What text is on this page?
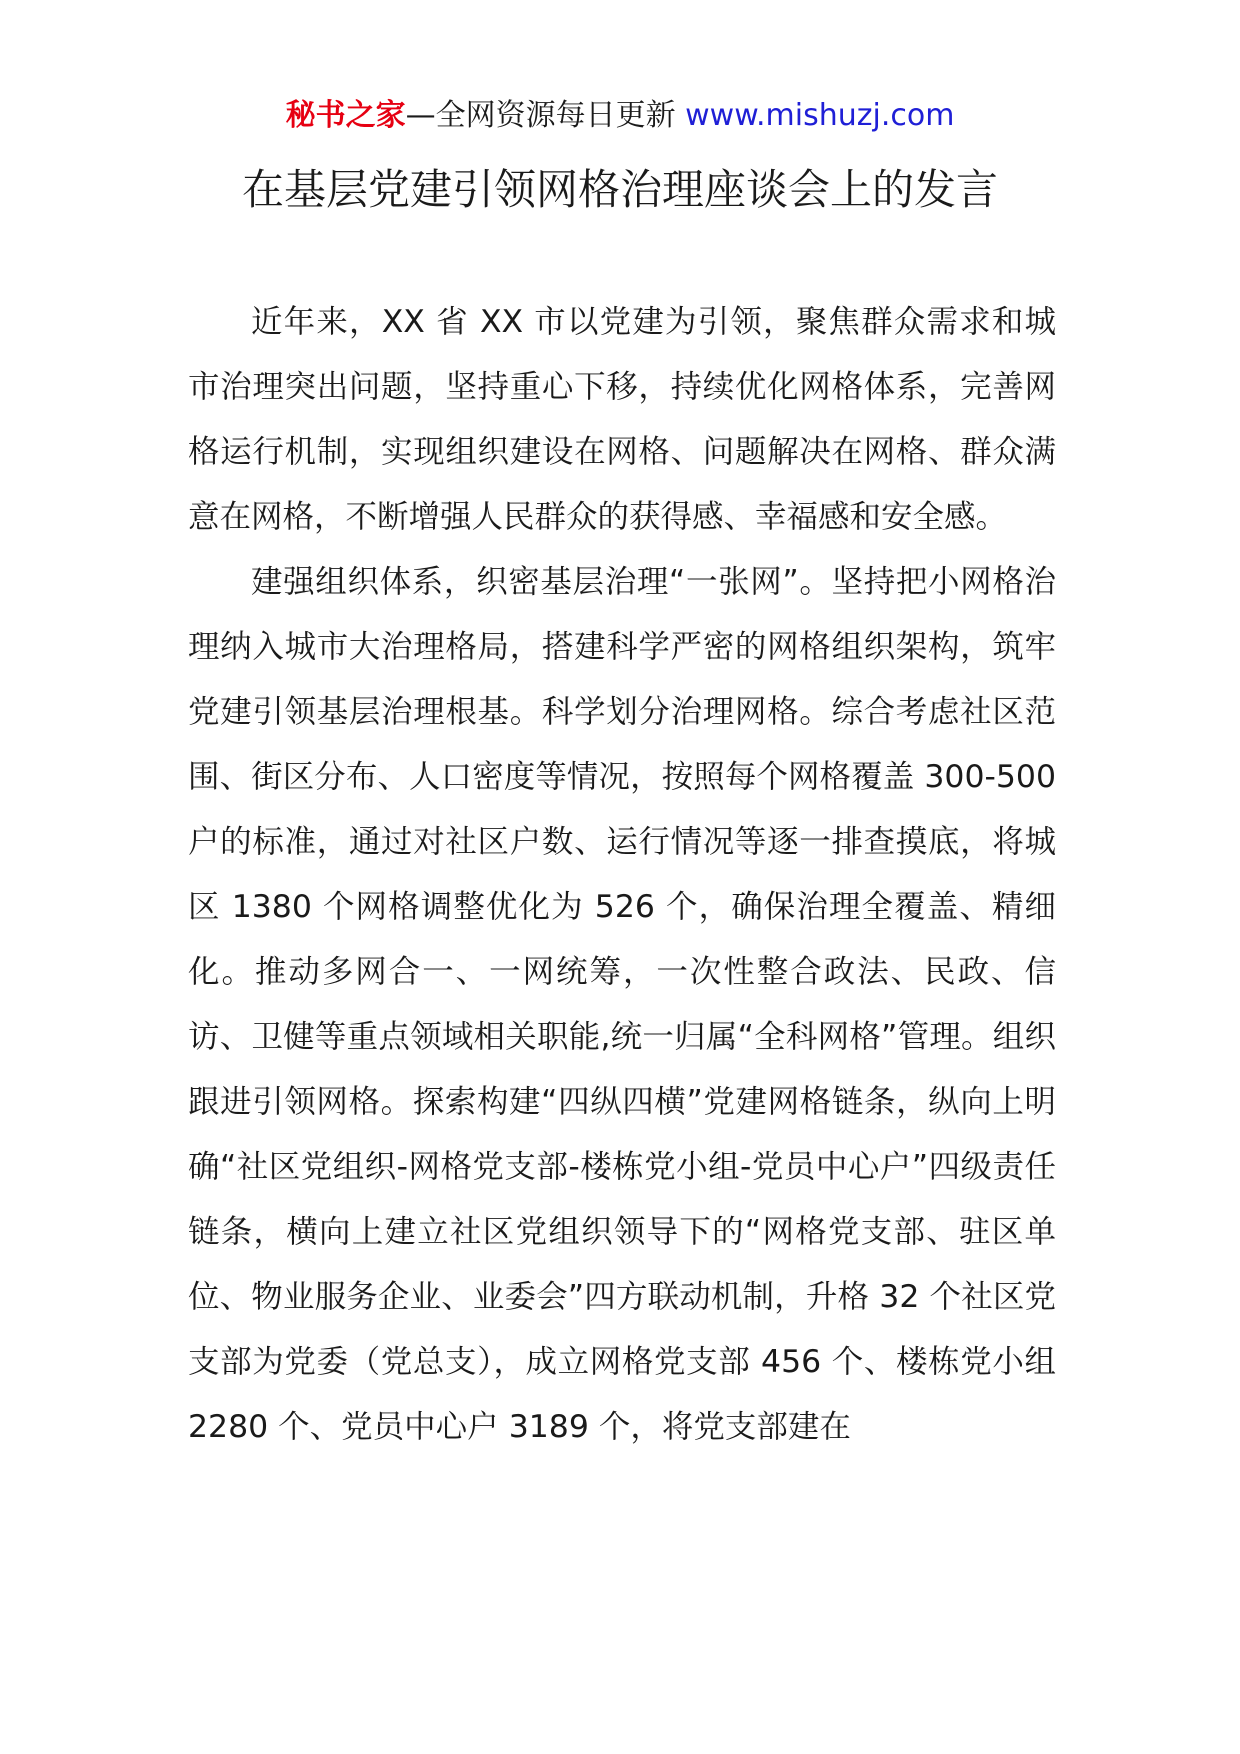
秘书之家—全网资源每日更新 www.mishuzj.com
在基层党建引领网格治理座谈会上的发言

近年来，XX 省 XX 市以党建为引领，聚焦群众需求和城市治理突出问题，坚持重心下移，持续优化网格体系，完善网格运行机制，实现组织建设在网格、问题解决在网格、群众满意在网格，不断增强人民群众的获得感、幸福感和安全感。

建强组织体系，织密基层治理“一张网”。坚持把小网格治理纳入城市大治理格局，搭建科学严密的网格组织架构，筑牢党建引领基层治理根基。科学划分治理网格。综合考虑社区范围、街区分布、人口密度等情况，按照每个网格覆盖 300-500 户的标准，通过对社区户数、运行情况等逐一排查摸底，将城区 1380 个网格调整优化为 526 个，确保治理全覆盖、精细化。推动多网合一、一网统筹，一次性整合政法、民政、信访、卫健等重点领域相关职能,统一归属“全科网格”管理。组织跟进引领网格。探索构建“四纵四横”党建网格链条，纵向上明确“社区党组织-网格党支部-楼栋党小组-党员中心户”四级责任链条，横向上建立社区党组织领导下的“网格党支部、驻区单位、物业服务企业、业委会”四方联动机制，升格 32 个社区党支部为党委（党总支），成立网格党支部 456 个、楼栋党小组 2280 个、党员中心户 3189 个，将党支部建在
